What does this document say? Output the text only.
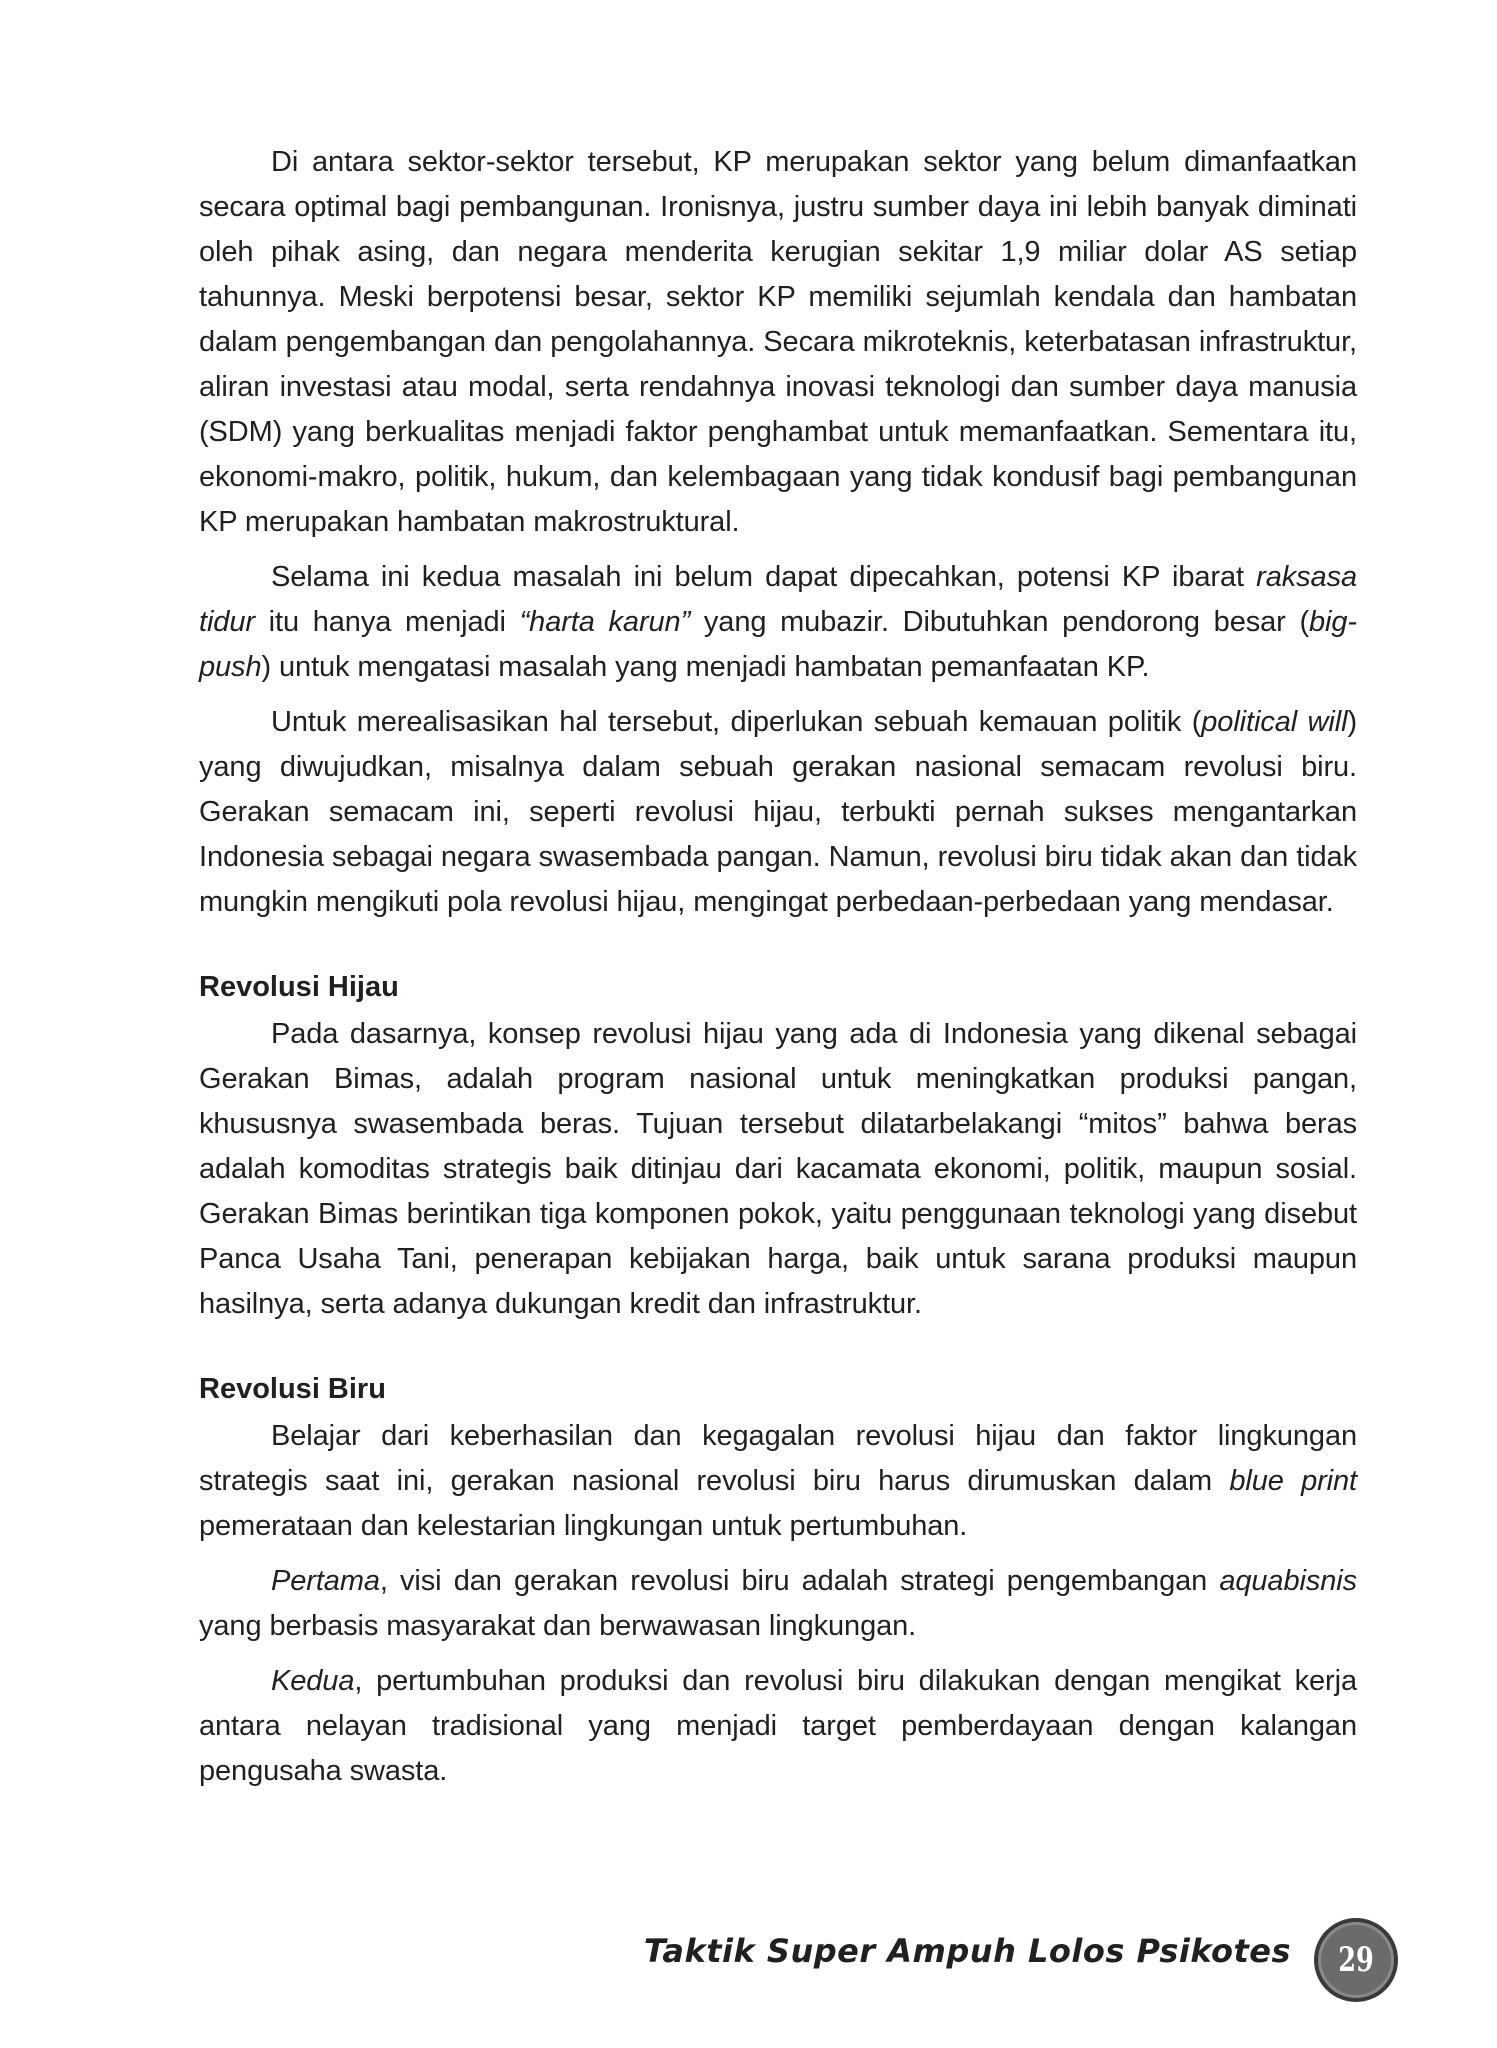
Di antara sektor-sektor tersebut, KP merupakan sektor yang belum dimanfaatkan secara optimal bagi pembangunan. Ironisnya, justru sumber daya ini lebih banyak diminati oleh pihak asing, dan negara menderita kerugian sekitar 1,9 miliar dolar AS setiap tahunnya. Meski berpotensi besar, sektor KP memiliki sejumlah kendala dan hambatan dalam pengembangan dan pengolahannya. Secara mikroteknis, keterbatasan infrastruktur, aliran investasi atau modal, serta rendahnya inovasi teknologi dan sumber daya manusia (SDM) yang berkualitas menjadi faktor penghambat untuk memanfaatkan. Sementara itu, ekonomi-makro, politik, hukum, dan kelembagaan yang tidak kondusif bagi pembangunan KP merupakan hambatan makrostruktural.

Selama ini kedua masalah ini belum dapat dipecahkan, potensi KP ibarat raksasa tidur itu hanya menjadi “harta karun” yang mubazir. Dibutuhkan pendorong besar (big-push) untuk mengatasi masalah yang menjadi hambatan pemanfaatan KP.

Untuk merealisasikan hal tersebut, diperlukan sebuah kemauan politik (political will) yang diwujudkan, misalnya dalam sebuah gerakan nasional semacam revolusi biru. Gerakan semacam ini, seperti revolusi hijau, terbukti pernah sukses mengantarkan Indonesia sebagai negara swasembada pangan. Namun, revolusi biru tidak akan dan tidak mungkin mengikuti pola revolusi hijau, mengingat perbedaan-perbedaan yang mendasar.

Revolusi Hijau

Pada dasarnya, konsep revolusi hijau yang ada di Indonesia yang dikenal sebagai Gerakan Bimas, adalah program nasional untuk meningkatkan produksi pangan, khususnya swasembada beras. Tujuan tersebut dilatarbelakangi “mitos” bahwa beras adalah komoditas strategis baik ditinjau dari kacamata ekonomi, politik, maupun sosial. Gerakan Bimas berintikan tiga komponen pokok, yaitu penggunaan teknologi yang disebut Panca Usaha Tani, penerapan kebijakan harga, baik untuk sarana produksi maupun hasilnya, serta adanya dukungan kredit dan infrastruktur.

Revolusi Biru

Belajar dari keberhasilan dan kegagalan revolusi hijau dan faktor lingkungan strategis saat ini, gerakan nasional revolusi biru harus dirumuskan dalam blue print pemerataan dan kelestarian lingkungan untuk pertumbuhan.

Pertama, visi dan gerakan revolusi biru adalah strategi pengembangan aquabisnis yang berbasis masyarakat dan berwawasan lingkungan.

Kedua, pertumbuhan produksi dan revolusi biru dilakukan dengan mengikat kerja antara nelayan tradisional yang menjadi target pemberdayaan dengan kalangan pengusaha swasta.

Taktik Super Ampuh Lolos Psikotes	29
